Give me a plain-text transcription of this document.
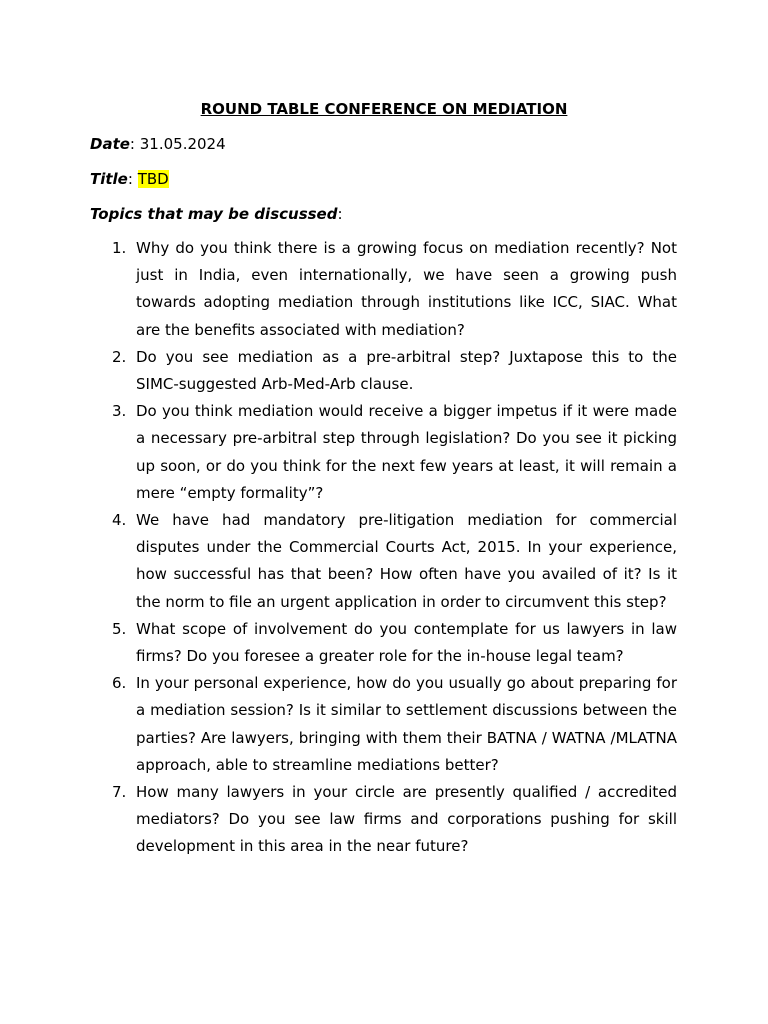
ROUND TABLE CONFERENCE ON MEDIATION
Date: 31.05.2024
Title: TBD
Topics that may be discussed:
1. Why do you think there is a growing focus on mediation recently? Not just in India, even internationally, we have seen a growing push towards adopting mediation through institutions like ICC, SIAC. What are the benefits associated with mediation?
2. Do you see mediation as a pre-arbitral step? Juxtapose this to the SIMC-suggested Arb-Med-Arb clause.
3. Do you think mediation would receive a bigger impetus if it were made a necessary pre-arbitral step through legislation? Do you see it picking up soon, or do you think for the next few years at least, it will remain a mere “empty formality”?
4. We have had mandatory pre-litigation mediation for commercial disputes under the Commercial Courts Act, 2015. In your experience, how successful has that been? How often have you availed of it? Is it the norm to file an urgent application in order to circumvent this step?
5. What scope of involvement do you contemplate for us lawyers in law firms? Do you foresee a greater role for the in-house legal team?
6. In your personal experience, how do you usually go about preparing for a mediation session? Is it similar to settlement discussions between the parties? Are lawyers, bringing with them their BATNA / WATNA /MLATNA approach, able to streamline mediations better?
7. How many lawyers in your circle are presently qualified / accredited mediators? Do you see law firms and corporations pushing for skill development in this area in the near future?
